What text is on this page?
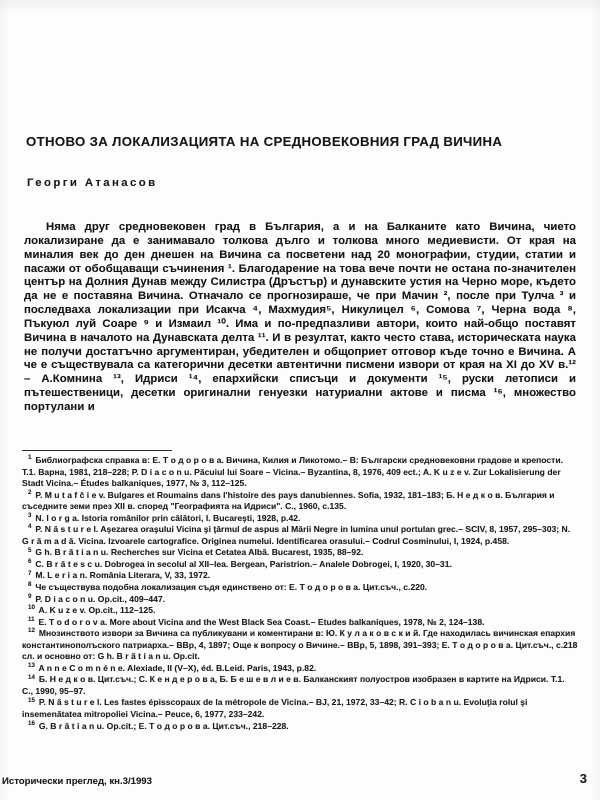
ОТНОВО ЗА ЛОКАЛИЗАЦИЯТА НА СРЕДНОВЕКОВНИЯ ГРАД ВИЧИНА
Георги Атанасов
Няма друг средновековен град в България, а и на Балканите като Вичина, чието локализиране да е занимавало толкова дълго и толкова много медиевисти. От края на миналия век до ден днешен на Вичина са посветени над 20 монографии, студии, статии и пасажи от обобщаващи съчинения ¹. Благодарение на това вече почти не остана по-значителен център на Долния Дунав между Силистра (Дръстър) и дунавските устия на Черно море, където да не е поставяна Вичина. Отначало се прогнозираше, че при Мачин ², после при Тулча ³ и последваха локализации при Исакча ⁴, Махмудия⁵, Никулицел ⁶, Сомова ⁷, Черна вода ⁸, Пъкуюл луй Соаре ⁹ и Измаил ¹⁰. Има и по-предпазливи автори, които най-общо поставят Вичина в началото на Дунавската делта ¹¹. И в резултат, както често става, историческата наука не получи достатъчно аргументиран, убедителен и общоприет отговор къде точно е Вичина. А че е съществувала са категорични десетки автентични писмени извори от края на XI до XV в.¹² – А.Комнина ¹³, Идриси ¹⁴, епархийски списъци и документи ¹⁵, руски летописи и пътешественици, десетки оригинални генуезки натуриални актове и писма ¹⁶, множество портулани и
$^1$ Библиографска справка в: Е. Т о д о р о в а. Вичина, Килия и Ликотомо.– В: Български средновековни градове и крепости. Т.1. Варна, 1981, 218–228; P. D i a c o n u. Păcuiul lui Soare – Vicina.– Byzantina, 8, 1976, 409 ect.; A. K u z e v. Zur Lokalisierung der Stadt Vicina.– Études balkaniques, 1977, № 3, 112–125.
$^2$ P. M u t a f č i e v. Bulgares et Roumains dans l'histoire des pays danubiennes. Sofia, 1932, 181–183; Б. Н е д к о в. България и съседните земи през XII в. според "Географията на Идриси". С., 1960, с.135.
$^3$ N. I o r g a. Istoria românilor prin călători, I. Bucareşti, 1928, p.42.
$^4$ P. N ă s t u r e l. Aşezarea oraşului Vicina şi ţărmul de aspus al Mării Negre in lumina unul portulan grec.– SCIV, 8, 1957, 295–303; N. G r ă m a d ă. Vicina. Izvoarele cartografice. Originea numelui. Identificarea orasului.– Codrul Cosminului, I, 1924, p.458.
$^5$ G h. B r ă t i a n u. Recherches sur Vicina et Cetatea Albă. Bucarest, 1935, 88–92.
$^6$ C. B r ă t e s c u. Dobrogea in secolul al XII–lea. Bergean, Paristrion.– Analele Dobrogei, I, 1920, 30–31.
$^7$ M. L e r i a n. România Literara, V, 33, 1972.
$^8$ Че съществува подобна локализация съдя единствено от: Е. Т о д о р о в а. Цит.съч., с.220.
$^9$ P. D i a c o n u. Op.cit., 409–447.
$^{10}$ A. K u z e v. Op.cit., 112–125.
$^{11}$ E. T o d o r o v a. More about Vicina and the West Black Sea Coast.– Etudes balkaniques, 1978, № 2, 124–138.
$^{12}$ Мнозинството извори за Вичина са публикувани и коментирани в: Ю. К у л а к о в с к и й. Где находилась вичинская епархия константинополъского патриарха.– ВВр, 4, 1897; Още к вопросу о Вичине.– ВВр, 5, 1898, 391–393; Е. Т о д о р о в а. Цит.съч., с.218 сл. и основно от: G h. B r ă t i a n u. Op.cit.
$^{13}$ A n n e C o m n é n e. Alexiade, II (V–X), éd. B.Leid. Paris, 1943, p.82.
$^{14}$ Б. Н е д к о в. Цит.съч.; С. К е н д е р о в а, Б. Б е ш е в л и е в. Балканският полуостров изобразен в картите на Идриси. Т.1. С., 1990, 95–97.
$^{15}$ P. N ă s t u r e l. Les fastes épisscopaux de la métropole de Vicina.– BJ, 21, 1972, 33–42; R. C i o b a n u. Evoluţia rolul şi insemenătatea mitropoliei Vicina.– Peuce, 6, 1977, 233–242.
$^{16}$ G. B r ă t i a n u. Op.cit.; Е. Т о д о р о в а. Цит.съч., 218–228.
Исторически преглед, кн.3/1993	3
